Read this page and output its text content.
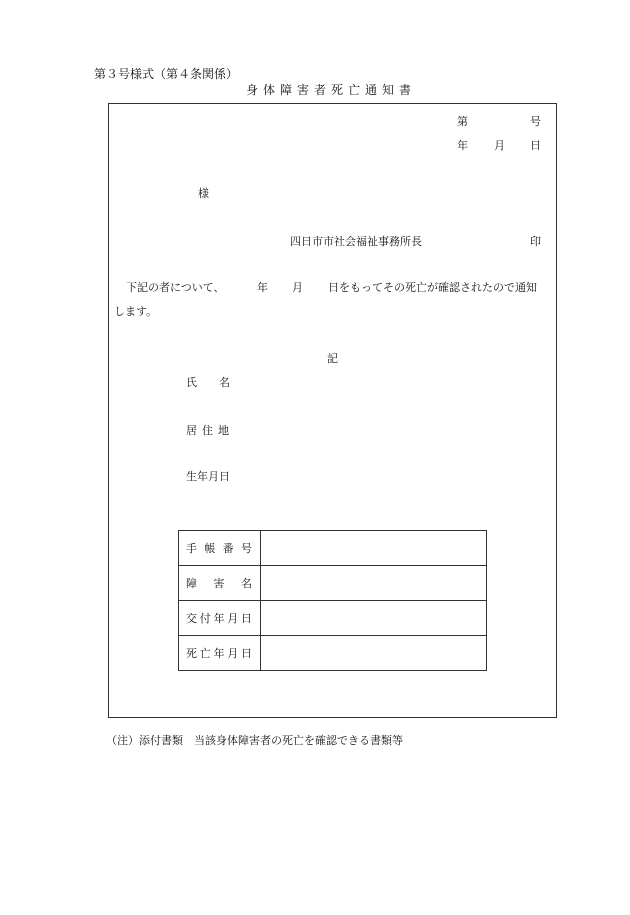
第３号様式（第４条関係）
身体障害者死亡通知書
第	号
年 月 日
様
四日市市社会福祉事務所長	印
下記の者について、	年 月 日をもってその死亡が確認されたので通知
します。
記
氏　　名
居住地
生年月日
手 帳 番 号	

障 害 名	

交 付 年 月 日	

死 亡 年 月 日	

（注）添付書類　当該身体障害者の死亡を確認できる書類等
